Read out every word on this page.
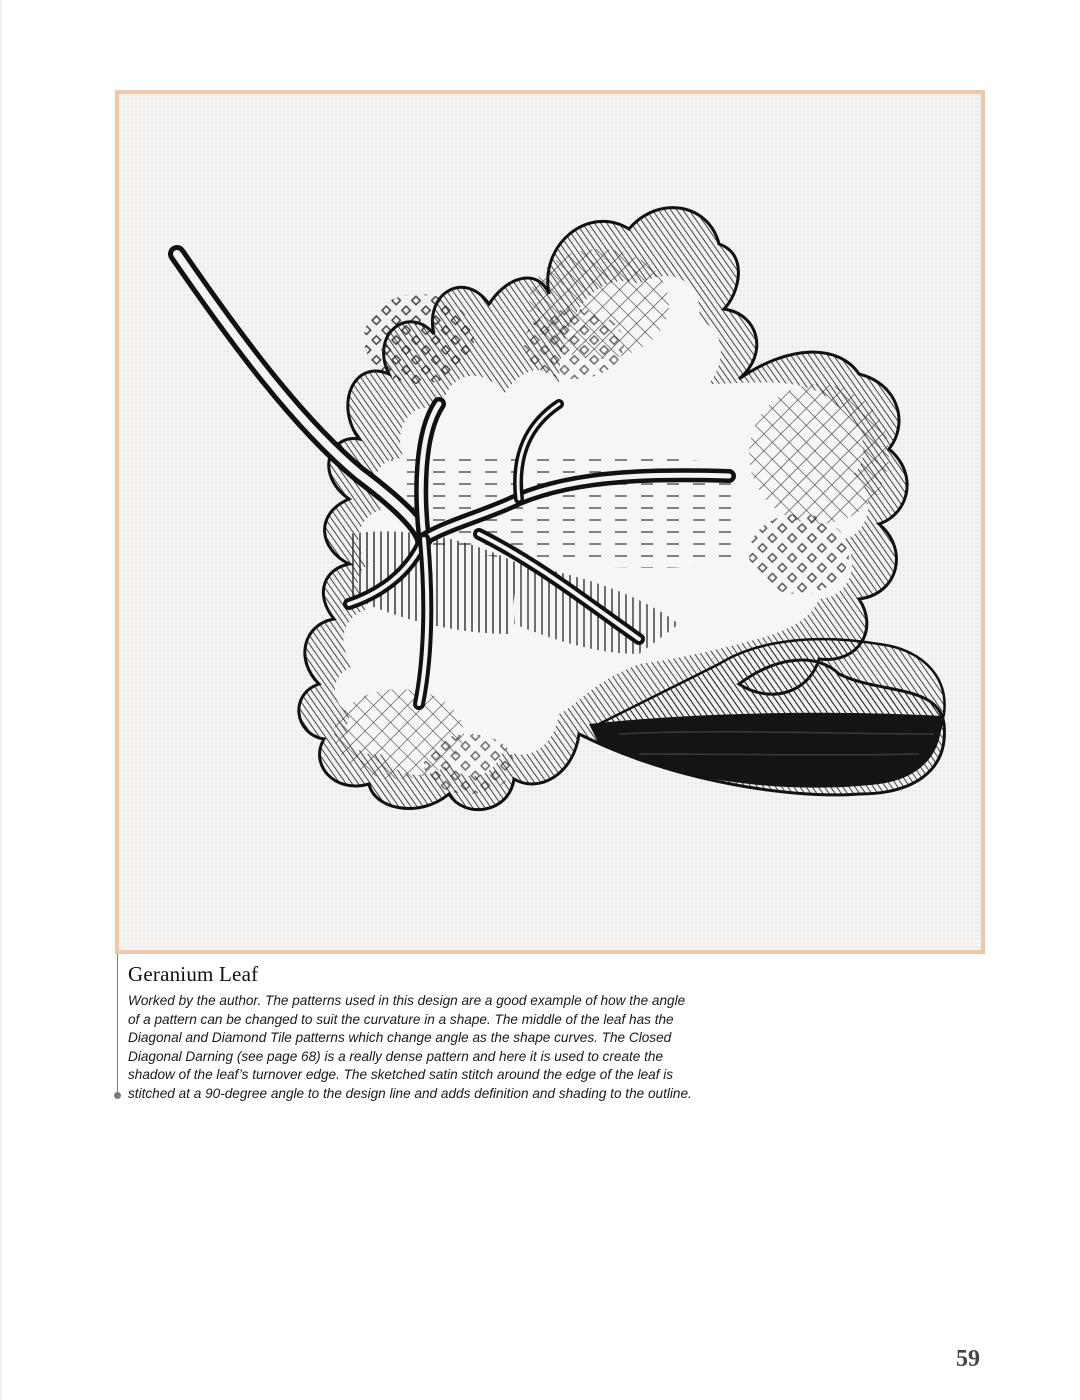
Geranium Leaf
Worked by the author. The patterns used in this design are a good example of how the angle
of a pattern can be changed to suit the curvature in a shape. The middle of the leaf has the
Diagonal and Diamond Tile patterns which change angle as the shape curves. The Closed
Diagonal Darning (see page 68) is a really dense pattern and here it is used to create the
shadow of the leaf’s turnover edge. The sketched satin stitch around the edge of the leaf is
stitched at a 90-degree angle to the design line and adds definition and shading to the outline.
59
